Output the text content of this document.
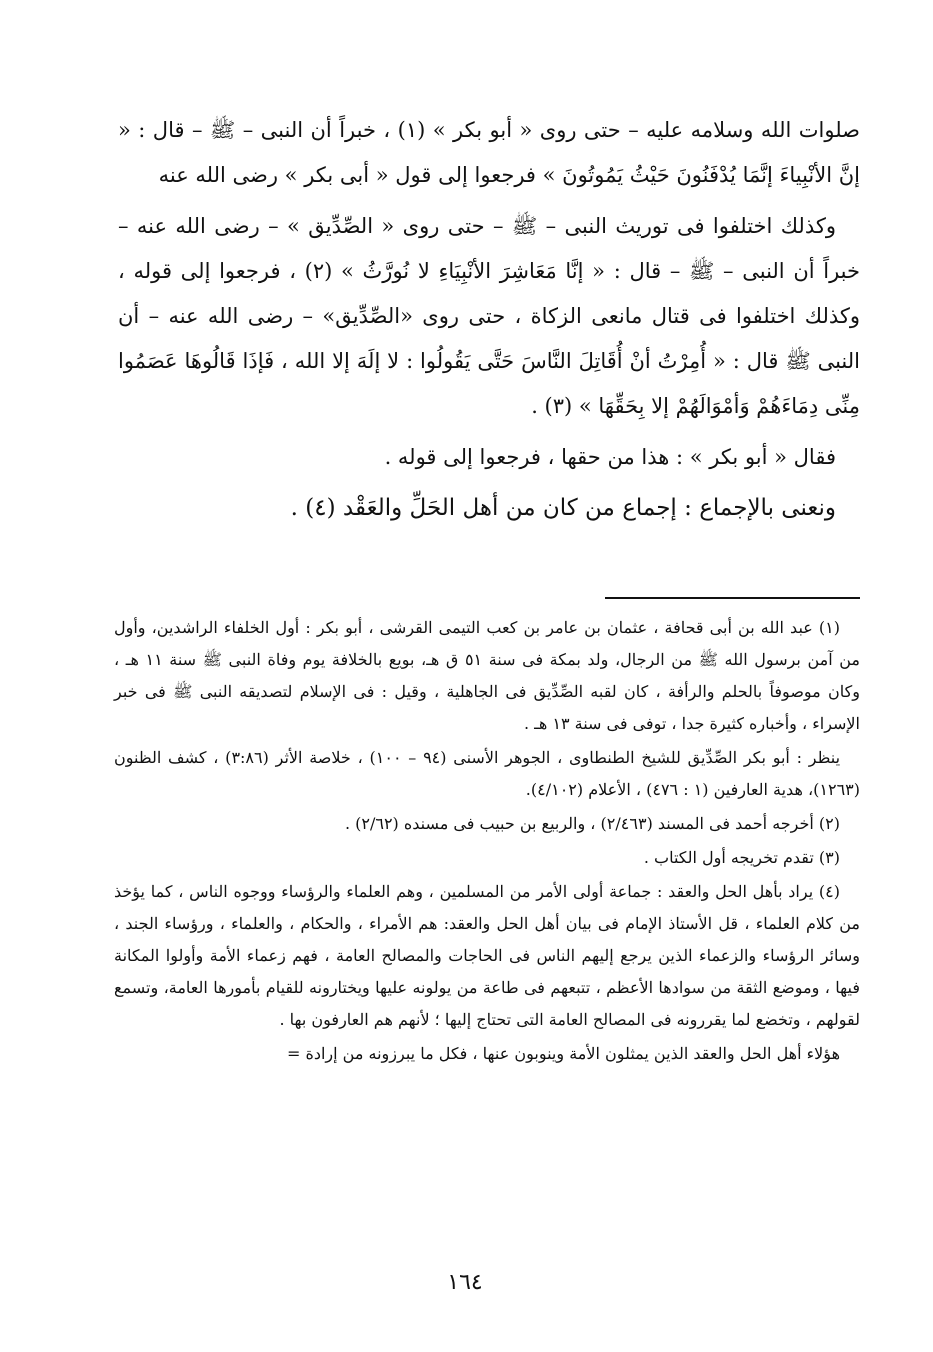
صلوات الله وسلامه عليه – حتى روى « أبو بكر » (١) ، خبراً أن النبى – ﷺ – قال : « إنَّ الأنْبِياءَ إنَّمَا يُدْفَنُونَ حَيْثُ يَمُوتُونَ » فرجعوا إلى قول « أبى بكر » رضى الله عنه

وكذلك اختلفوا فى توريث النبى – ﷺ – حتى روى « الصِّدِّيق » – رضى الله عنه – خبراً أن النبى – ﷺ – قال : « إنَّا مَعَاشِرَ الأنْبِيَاءِ لا نُورَّثُ » (٢) ، فرجعوا إلى قوله ، وكذلك اختلفوا فى قتال مانعى الزكاة ، حتى روى «الصِّدِّيق» – رضى الله عنه – أن النبى ﷺ قال : « أُمِرْتُ أنْ أُقَاتِلَ النَّاسَ حَتَّى يَقُولُوا : لا إلَهَ إلا الله ، فَإذَا قَالُوهَا عَصَمُوا مِنِّى دِمَاءَهُمْ وَأمْوَالَهُمْ إلا بِحَقِّهَا » (٣) .

فقال « أبو بكر » : هذا من حقها ، فرجعوا إلى قوله .

ونعنى بالإجماع : إجماع من كان من أهل الحَلِّ والعَقْد (٤) .

(١) عبد الله بن أبى قحافة ، عثمان بن عامر بن كعب التيمى القرشى ، أبو بكر : أول الخلفاء الراشدين، وأول من آمن برسول الله ﷺ من الرجال، ولد بمكة فى سنة ٥١ ق هـ، بويع بالخلافة يوم وفاة النبى ﷺ سنة ١١ هـ ، وكان موصوفاً بالحلم والرأفة ، كان لقبه الصِّدِّيق فى الجاهلية ، وقيل : فى الإسلام لتصديقه النبى ﷺ فى خبر الإسراء ، وأخباره كثيرة جدا ، توفى فى سنة ١٣ هـ .

ينظر : أبو بكر الصِّدِّيق للشيخ الطنطاوى ، الجوهر الأسنى (٩٤ – ١٠٠) ، خلاصة الأثر (٣:٨٦) ، كشف الظنون (١٢٦٣)، هدية العارفين (١ : ٤٧٦) ، الأعلام (٤/١٠٢).

(٢) أخرجه أحمد فى المسند (٢/٤٦٣) ، والربيع بن حبيب فى مسنده (٢/٦٢) .

(٣) تقدم تخريجه أول الكتاب .

(٤) يراد بأهل الحل والعقد : جماعة أولى الأمر من المسلمين ، وهم العلماء والرؤساء ووجوه الناس ، كما يؤخذ من كلام العلماء ، قل الأستاذ الإمام فى بيان أهل الحل والعقد: هم الأمراء ، والحكام ، والعلماء ، ورؤساء الجند ، وسائر الرؤساء والزعماء الذين يرجع إليهم الناس فى الحاجات والمصالح العامة ، فهم زعماء الأمة وأولوا المكانة فيها ، وموضع الثقة من سوادها الأعظم ، تتبعهم فى طاعة من يولونه عليها ويختارونه للقيام بأمورها العامة، وتسمع لقولهم ، وتخضع لما يقررونه فى المصالح العامة التى تحتاج إليها ؛ لأنهم هم العارفون بها .

هؤلاء أهل الحل والعقد الذين يمثلون الأمة وينوبون عنها ، فكل ما يبرزونه من إرادة =

١٦٤
